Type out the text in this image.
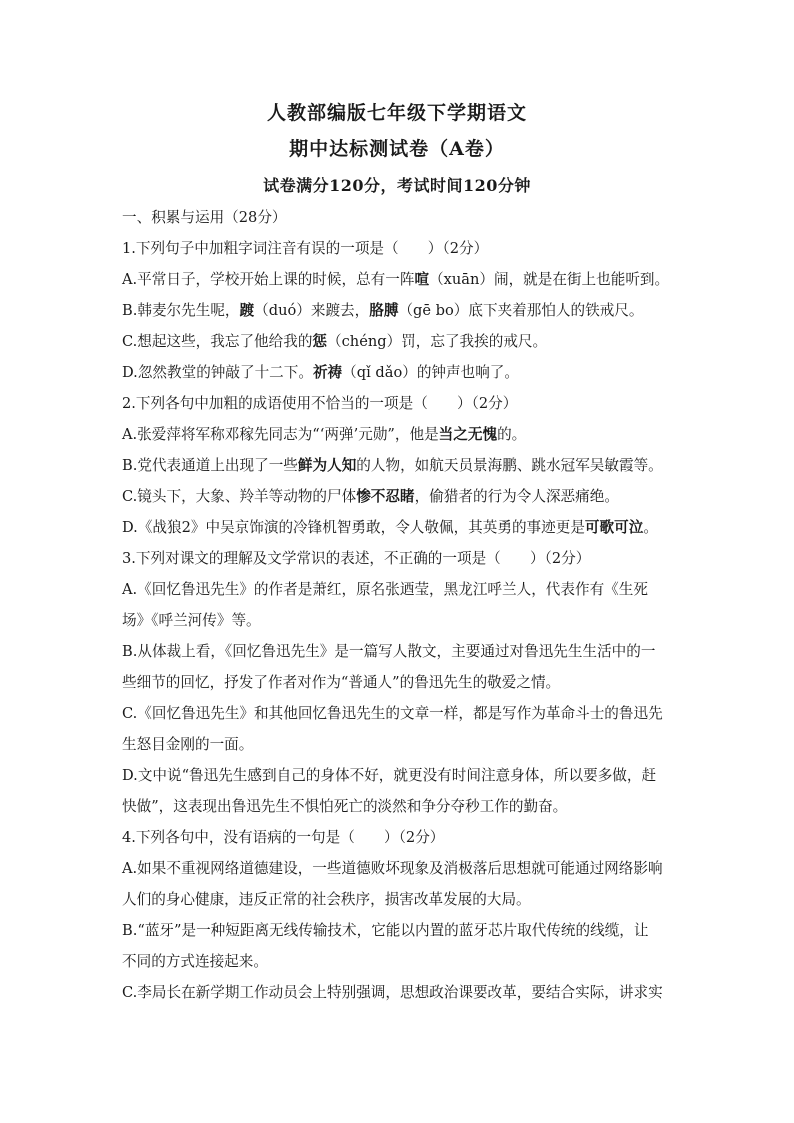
人教部编版七年级下学期语文
期中达标测试卷（A卷）
试卷满分120分，考试时间120分钟
一、积累与运用（28分）
1.下列句子中加粗字词注音有误的一项是（　　）（2分）
A.平常日子，学校开始上课的时候，总有一阵喧（xuān）闹，就是在街上也能听到。
B.韩麦尔先生呢，踱（duó）来踱去，胳膊（gē bo）底下夹着那怕人的铁戒尺。
C.想起这些，我忘了他给我的惩（chéng）罚，忘了我挨的戒尺。
D.忽然教堂的钟敲了十二下。祈祷（qǐ dǎo）的钟声也响了。
2.下列各句中加粗的成语使用不恰当的一项是（　　）（2分）
A.张爱萍将军称邓稼先同志为“‘两弹’元勋”，他是当之无愧的。
B.党代表通道上出现了一些鲜为人知的人物，如航天员景海鹏、跳水冠军吴敏霞等。
C.镜头下，大象、羚羊等动物的尸体惨不忍睹，偷猎者的行为令人深恶痛绝。
D.《战狼2》中吴京饰演的冷锋机智勇敢，令人敬佩，其英勇的事迹更是可歌可泣。
3.下列对课文的理解及文学常识的表述，不正确的一项是（　　）（2分）
A.《回忆鲁迅先生》的作者是萧红，原名张迺莹，黑龙江呼兰人，代表作有《生死
场》《呼兰河传》等。
B.从体裁上看，《回忆鲁迅先生》是一篇写人散文，主要通过对鲁迅先生生活中的一
些细节的回忆，抒发了作者对作为“普通人”的鲁迅先生的敬爱之情。
C.《回忆鲁迅先生》和其他回忆鲁迅先生的文章一样，都是写作为革命斗士的鲁迅先
生怒目金刚的一面。
D.文中说“鲁迅先生感到自己的身体不好，就更没有时间注意身体，所以要多做，赶
快做”，这表现出鲁迅先生不惧怕死亡的淡然和争分夺秒工作的勤奋。
4.下列各句中，没有语病的一句是（　　）（2分）
A.如果不重视网络道德建设，一些道德败坏现象及消极落后思想就可能通过网络影响
人们的身心健康，违反正常的社会秩序，损害改革发展的大局。
B.“蓝牙”是一种短距离无线传输技术，它能以内置的蓝牙芯片取代传统的线缆，让
不同的方式连接起来。
C.李局长在新学期工作动员会上特别强调，思想政治课要改革，要结合实际，讲求实
